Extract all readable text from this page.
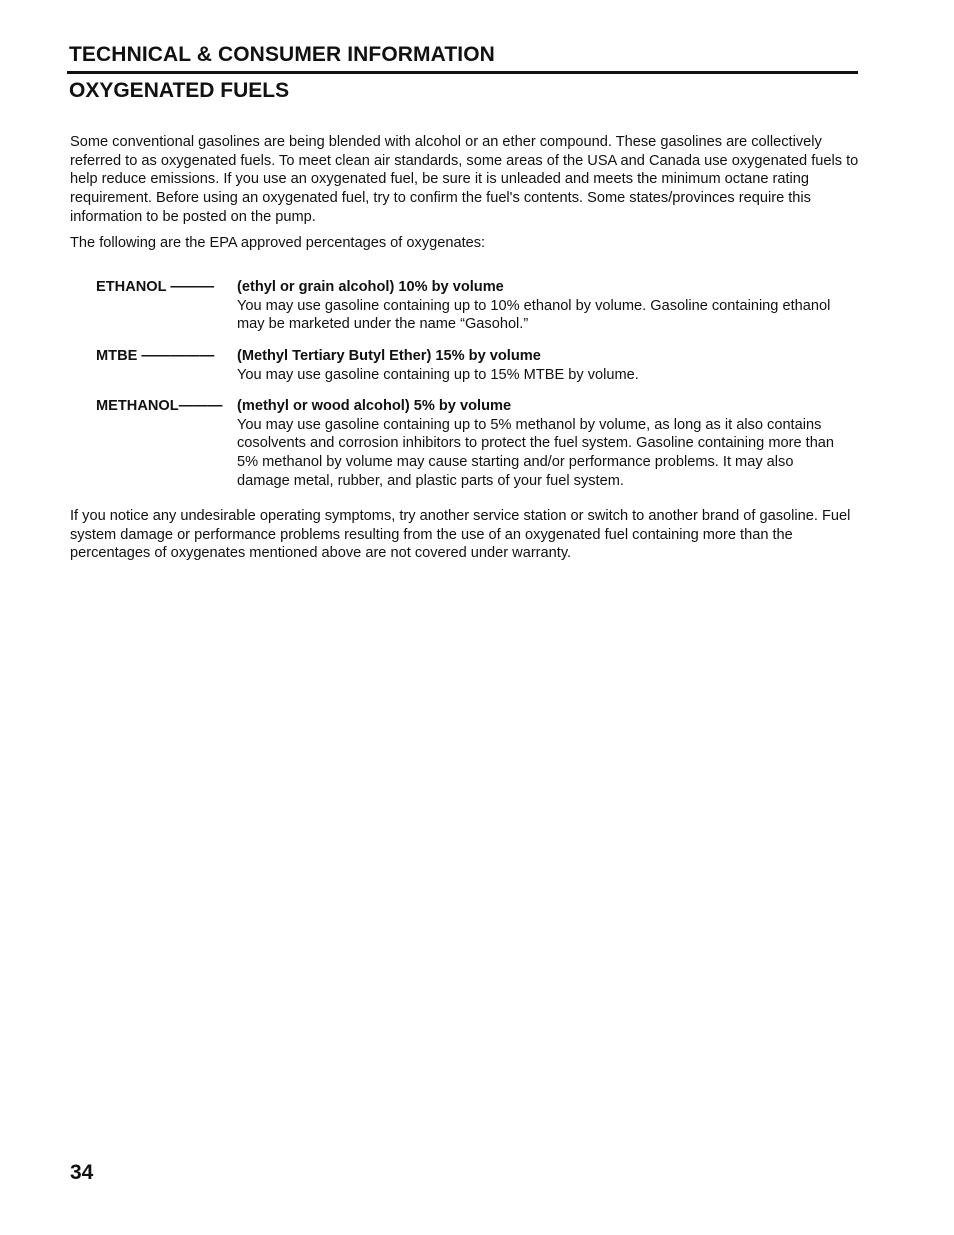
TECHNICAL & CONSUMER INFORMATION
OXYGENATED FUELS

Some conventional gasolines are being blended with alcohol or an ether compound. These gasolines are collectively referred to as oxygenated fuels. To meet clean air standards, some areas of the USA and Canada use oxygenated fuels to help reduce emissions. If you use an oxygenated fuel, be sure it is unleaded and meets the minimum octane rating requirement. Before using an oxygenated fuel, try to confirm the fuel's contents. Some states/provinces require this information to be posted on the pump.

The following are the EPA approved percentages of oxygenates:

ETHANOL ———	(ethyl or grain alcohol) 10% by volume
You may use gasoline containing up to 10% ethanol by volume. Gasoline containing ethanol may be marketed under the name “Gasohol.”
MTBE —————	(Methyl Tertiary Butyl Ether) 15% by volume
You may use gasoline containing up to 15% MTBE by volume.
METHANOL——— (methyl or wood alcohol) 5% by volume
You may use gasoline containing up to 5% methanol by volume, as long as it also contains cosolvents and corrosion inhibitors to protect the fuel system. Gasoline containing more than 5% methanol by volume may cause starting and/or performance problems. It may also damage metal, rubber, and plastic parts of your fuel system.

If you notice any undesirable operating symptoms, try another service station or switch to another brand of gasoline. Fuel system damage or performance problems resulting from the use of an oxygenated fuel containing more than the percentages of oxygenates mentioned above are not covered under warranty.

34
